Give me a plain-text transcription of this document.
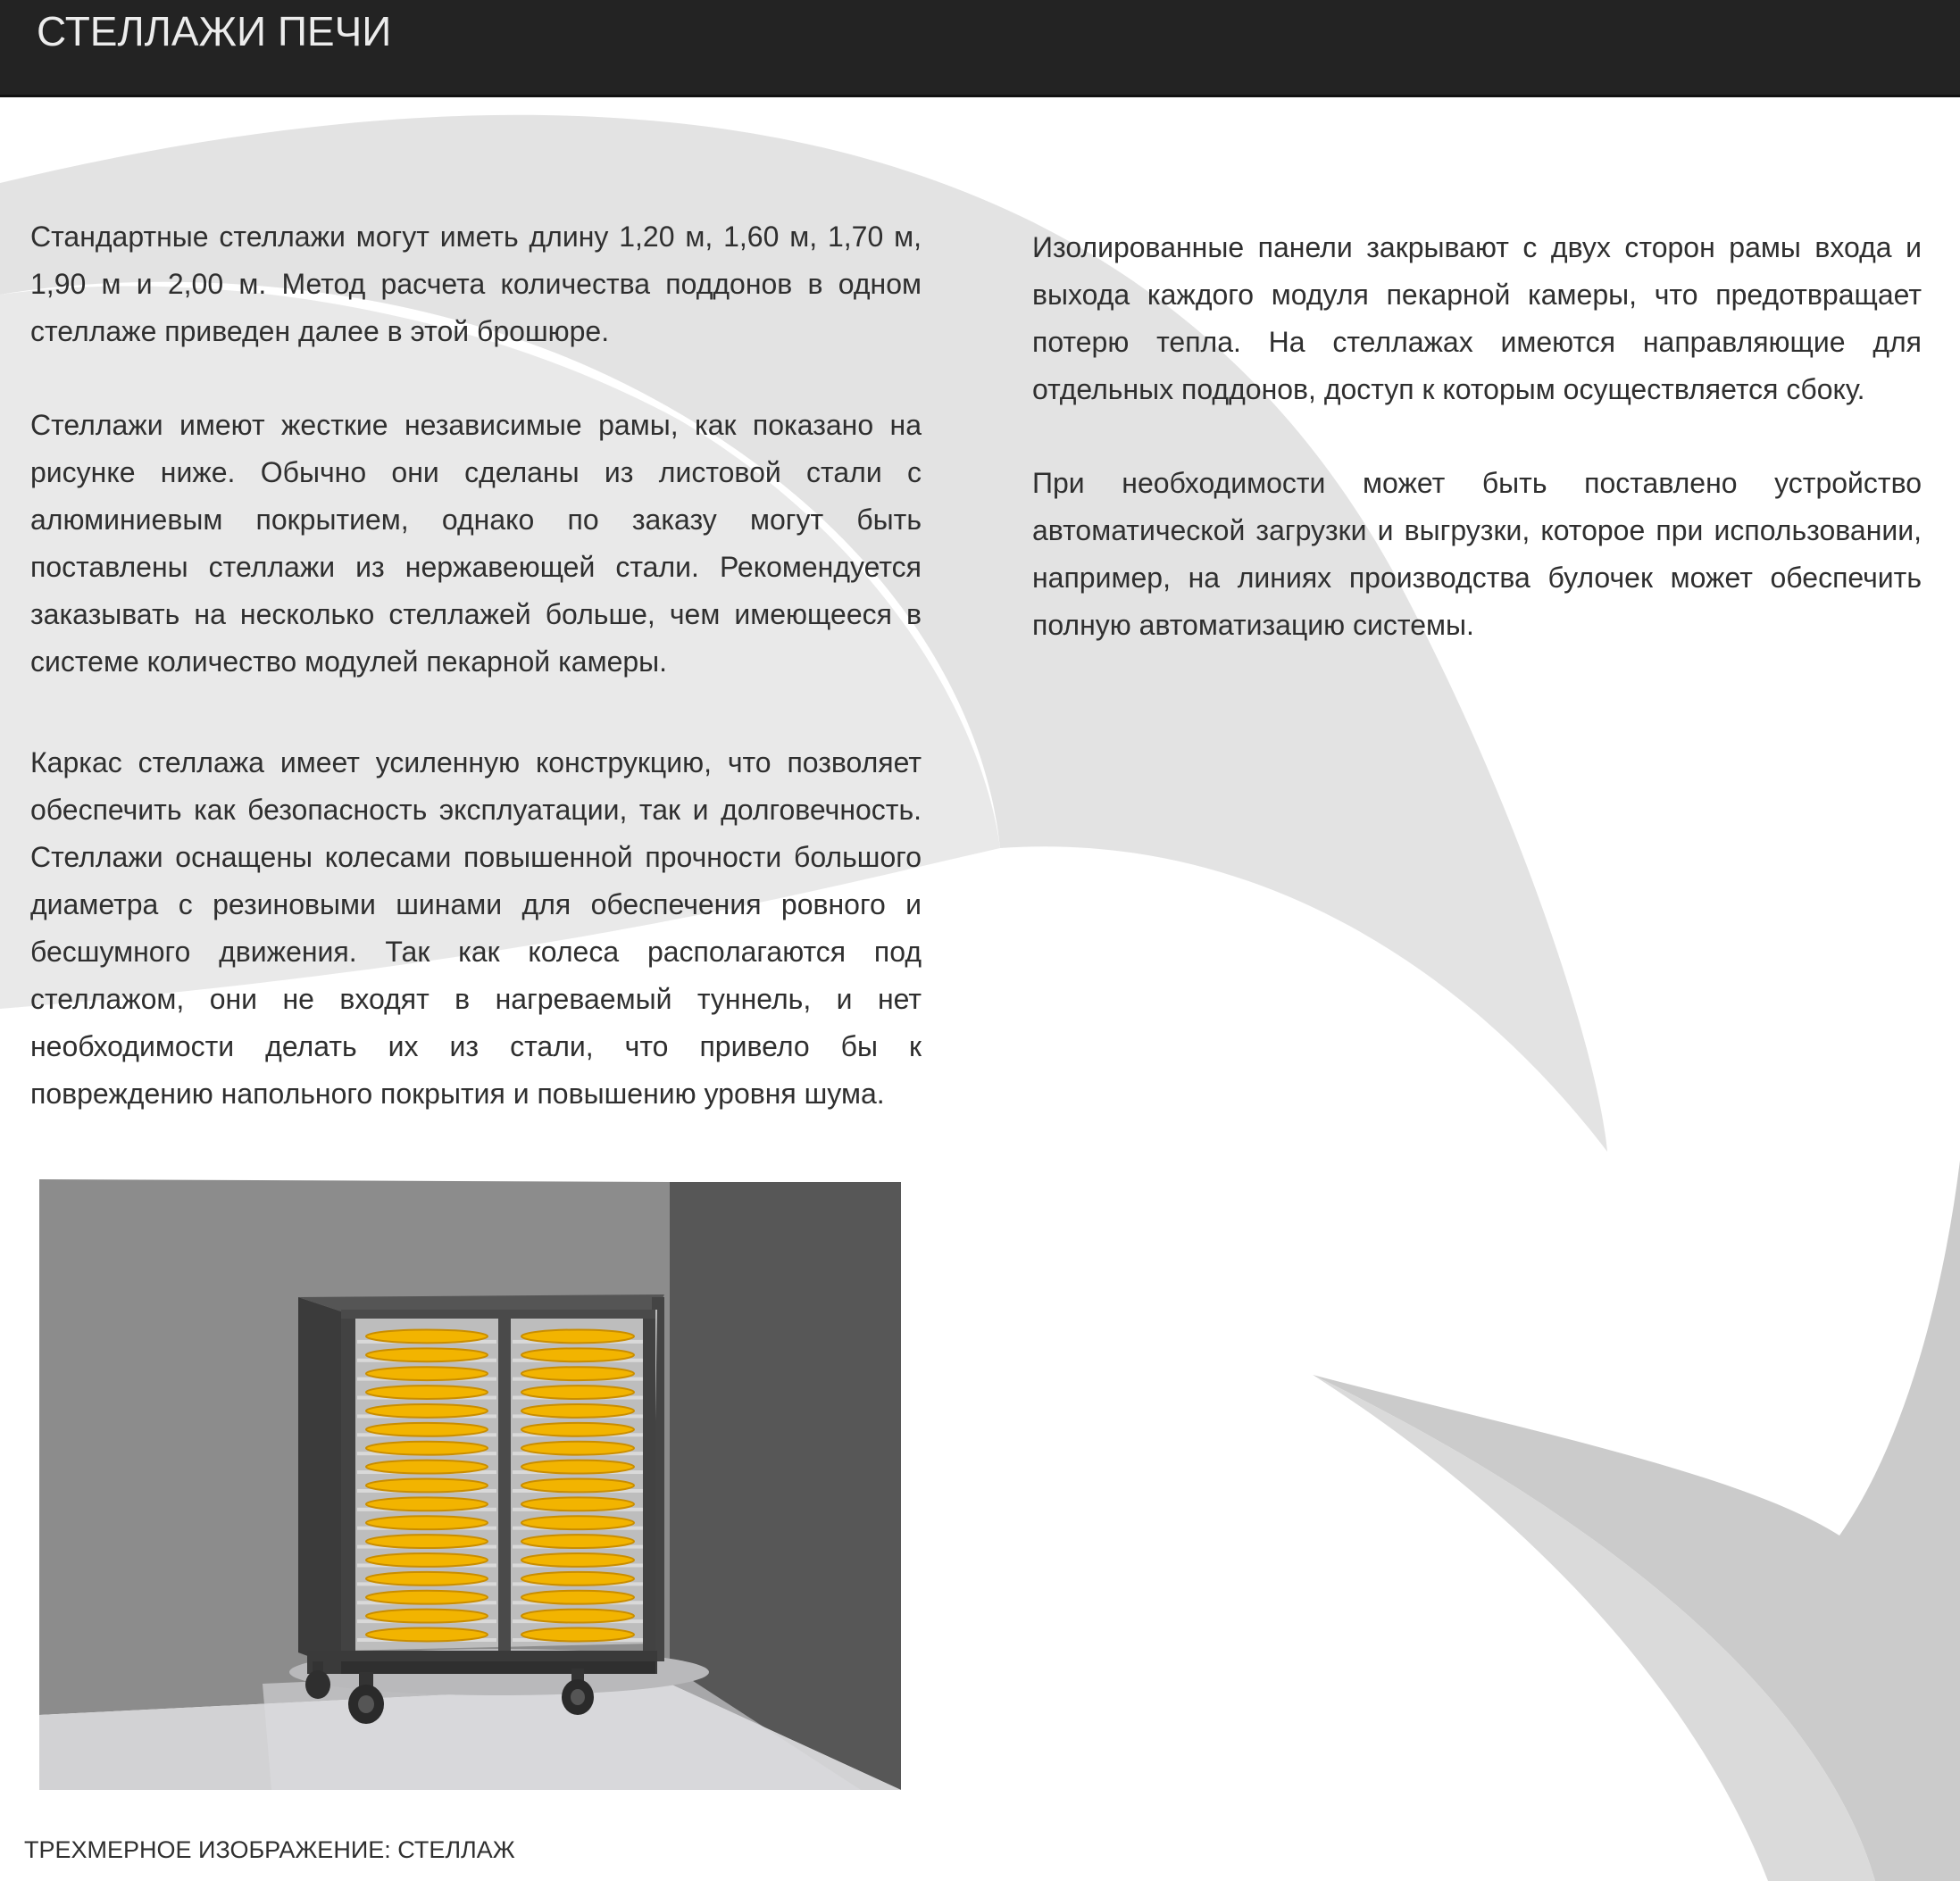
СТЕЛЛАЖИ ПЕЧИ

Стандартные стеллажи могут иметь длину 1,20 м, 1,60 м, 1,70 м, 1,90 м и 2,00 м. Метод расчета количества поддонов в одном стеллаже приведен далее в этой брошюре.

Стеллажи имеют жесткие независимые рамы, как показано на рисунке ниже. Обычно они сделаны из листовой стали с алюминиевым покрытием, однако по заказу могут быть поставлены стеллажи из нержавеющей стали. Рекомендуется заказывать на несколько стеллажей больше, чем имеющееся в системе количество модулей пекарной камеры.

Каркас стеллажа имеет усиленную конструкцию, что позволяет обеспечить как безопасность эксплуатации, так и долговечность. Стеллажи оснащены колесами повышенной прочности большого диаметра с резиновыми шинами для обеспечения ровного и бесшумного движения. Так как колеса располагаются под стеллажом, они не входят в нагреваемый туннель, и нет необходимости делать их из стали, что привело бы к повреждению напольного покрытия и повышению уровня шума.

Изолированные панели закрывают с двух сторон рамы входа и выхода каждого модуля пекарной камеры, что предотвращает потерю тепла. На стеллажах имеются направляющие для отдельных поддонов, доступ к которым осуществляется сбоку.

При необходимости может быть поставлено устройство автоматической загрузки и выгрузки, которое при использовании, например, на линиях производства булочек может обеспечить полную автоматизацию системы.

ТРЕХМЕРНОЕ ИЗОБРАЖЕНИЕ: СТЕЛЛАЖ
